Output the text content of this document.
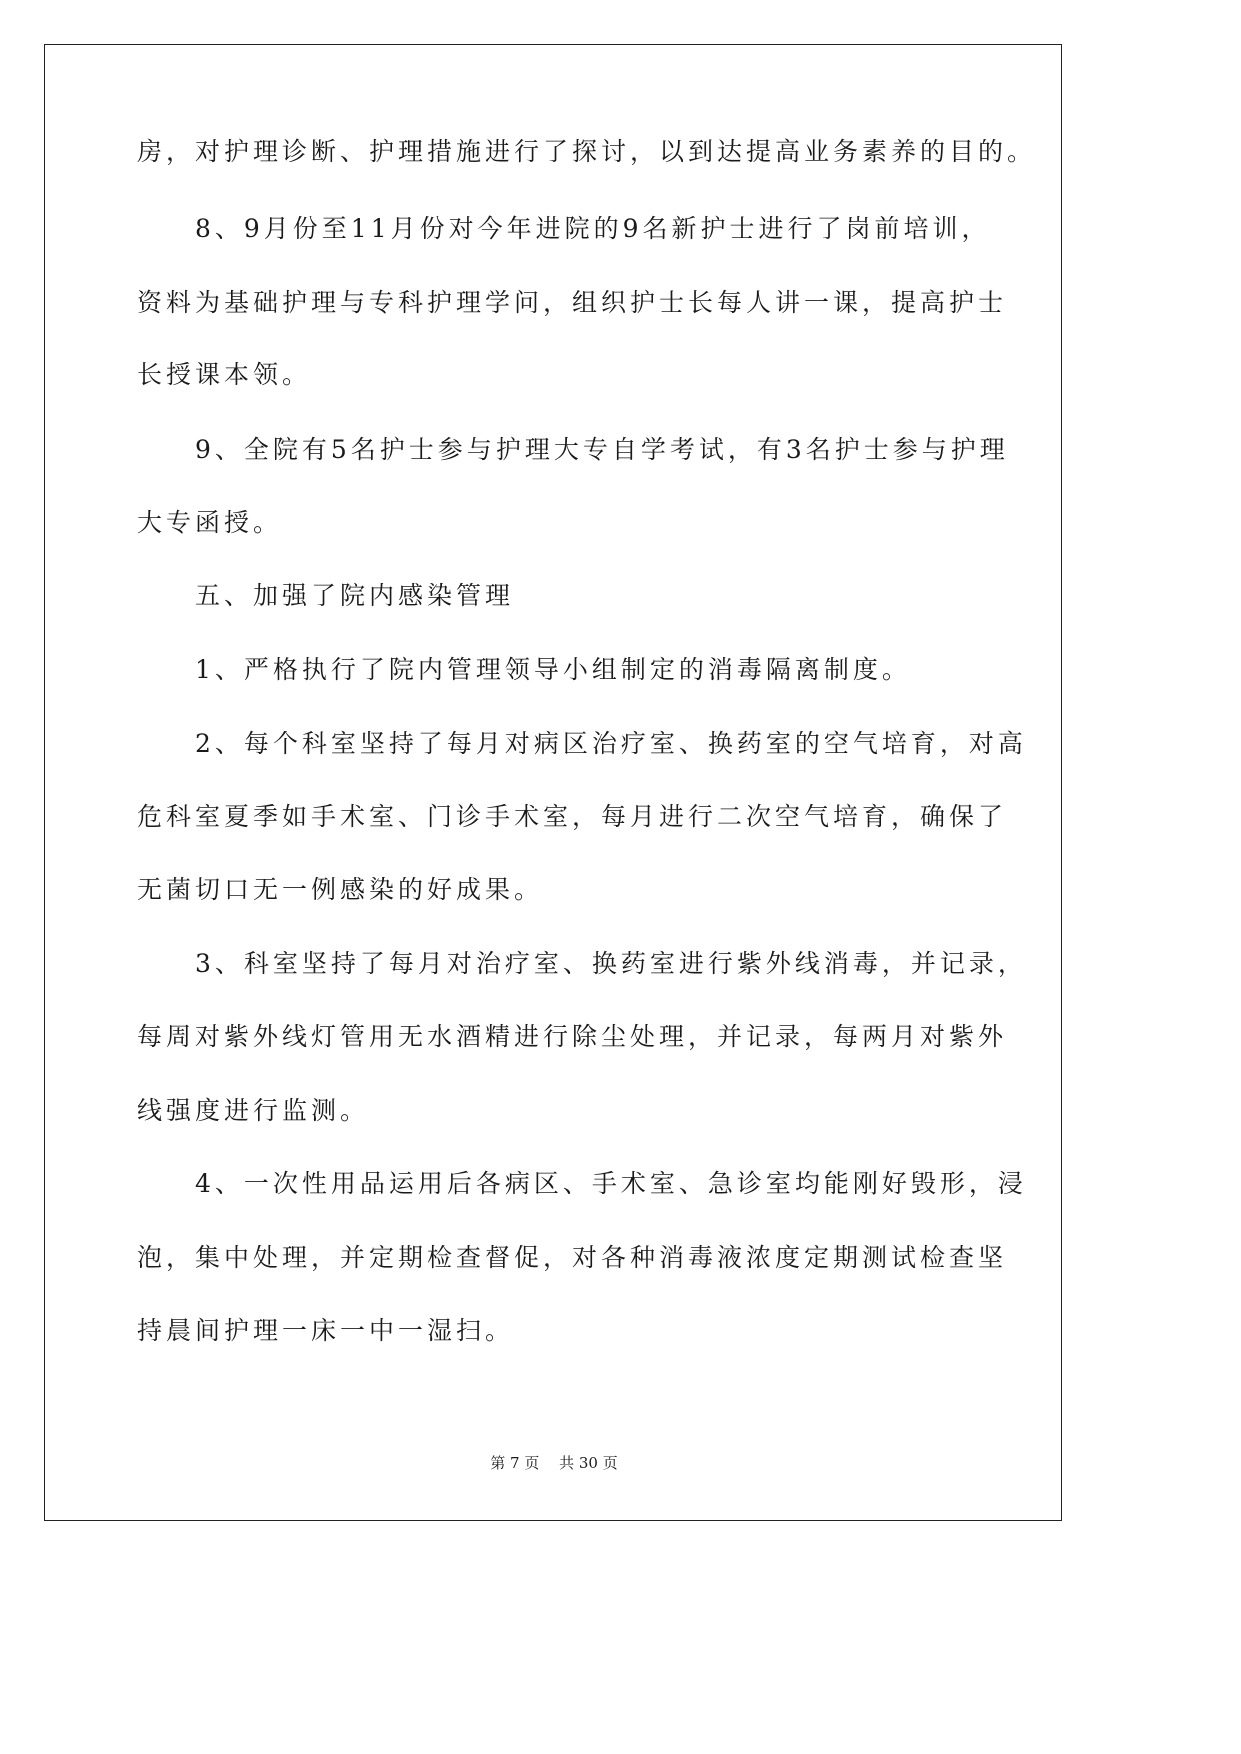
房，对护理诊断、护理措施进行了探讨，以到达提高业务素养的目的。
　　8、9月份至11月份对今年进院的9名新护士进行了岗前培训，
资料为基础护理与专科护理学问，组织护士长每人讲一课，提高护士
长授课本领。
　　9、全院有5名护士参与护理大专自学考试，有3名护士参与护理
大专函授。
　　五、加强了院内感染管理
　　1、严格执行了院内管理领导小组制定的消毒隔离制度。
　　2、每个科室坚持了每月对病区治疗室、换药室的空气培育，对高
危科室夏季如手术室、门诊手术室，每月进行二次空气培育，确保了
无菌切口无一例感染的好成果。
　　3、科室坚持了每月对治疗室、换药室进行紫外线消毒，并记录，
每周对紫外线灯管用无水酒精进行除尘处理，并记录，每两月对紫外
线强度进行监测。
　　4、一次性用品运用后各病区、手术室、急诊室均能刚好毁形，浸
泡，集中处理，并定期检查督促，对各种消毒液浓度定期测试检查坚
持晨间护理一床一中一湿扫。
第 7 页　 共 30 页
